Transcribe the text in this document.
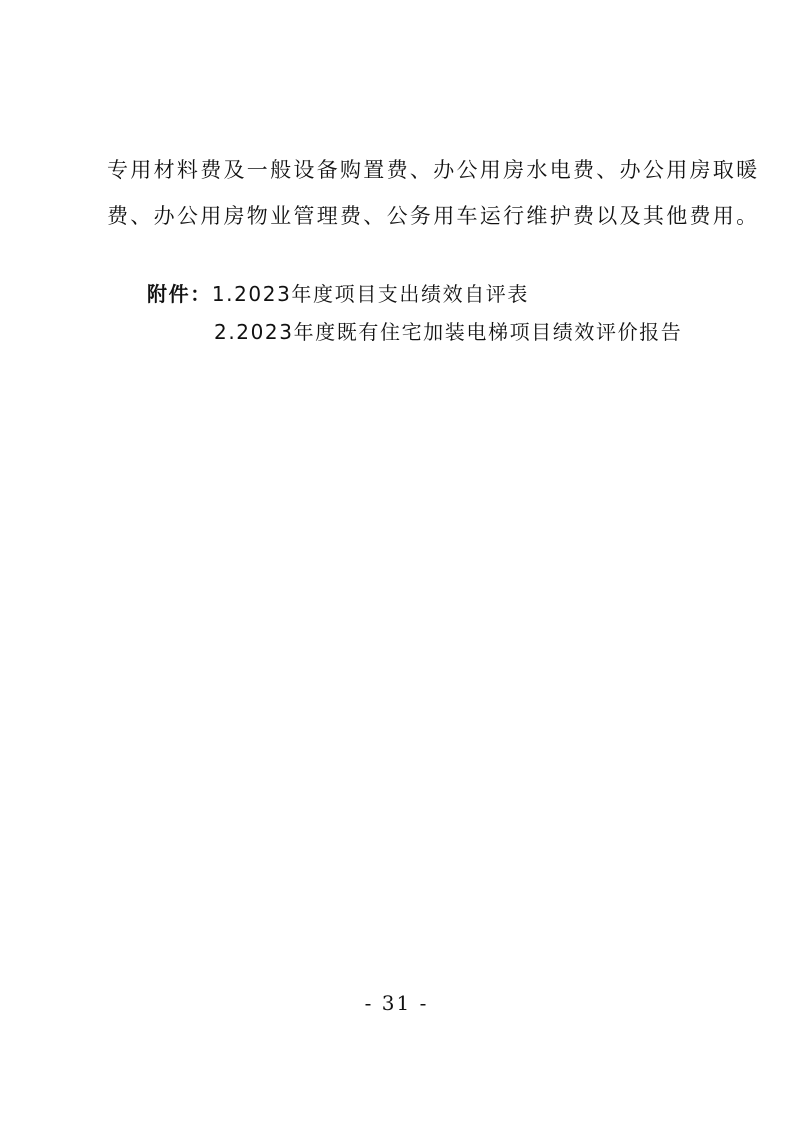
专用材料费及一般设备购置费、办公用房水电费、办公用房取暖
费、办公用房物业管理费、公务用车运行维护费以及其他费用。
附件：1.2023年度项目支出绩效自评表
2.2023年度既有住宅加装电梯项目绩效评价报告
- 31 -
